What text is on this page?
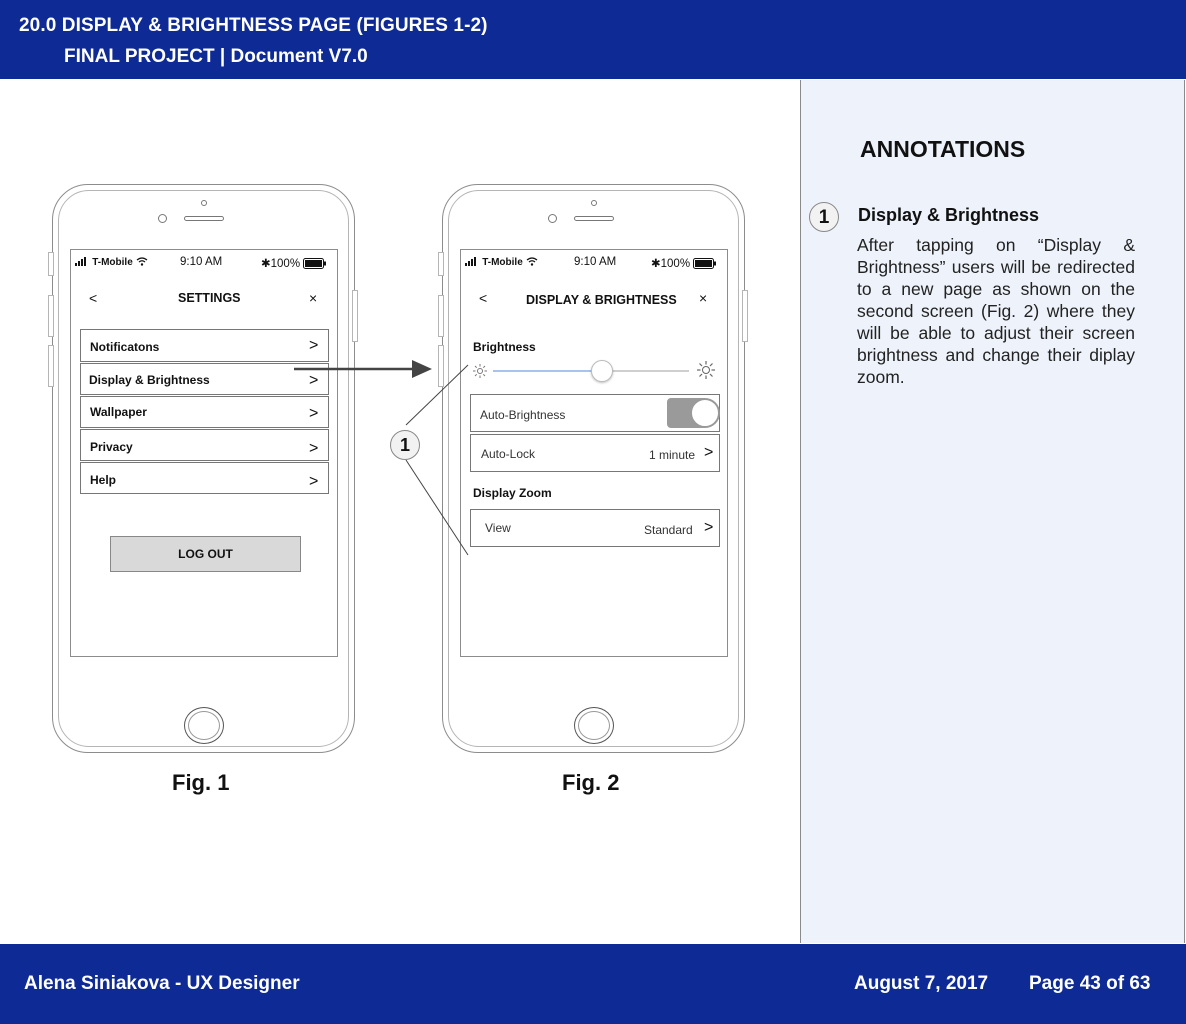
20.0 DISPLAY & BRIGHTNESS PAGE (FIGURES 1-2)
FINAL PROJECT | Document V7.0
T-Mobile	9:10 AM	✱100%
<	SETTINGS	×
Notificatons	>
Display & Brightness	>
Wallpaper	>
Privacy	>
Help	>
LOG OUT
Fig. 1
T-Mobile	9:10 AM	✱100%
<	DISPLAY & BRIGHTNESS ×
Brightness
Auto-Brightness
Auto-Lock	1 minute >
Display Zoom
View	Standard >
Fig. 2
1
ANNOTATIONS
1	Display & Brightness
After tapping on “Display & Brightness” users will be redirected to a new page as shown on the second screen (Fig. 2) where they will be able to adjust their screen brightness and change their diplay zoom.
Alena Siniakova - UX Designer	August 7, 2017 Page 43 of 63
